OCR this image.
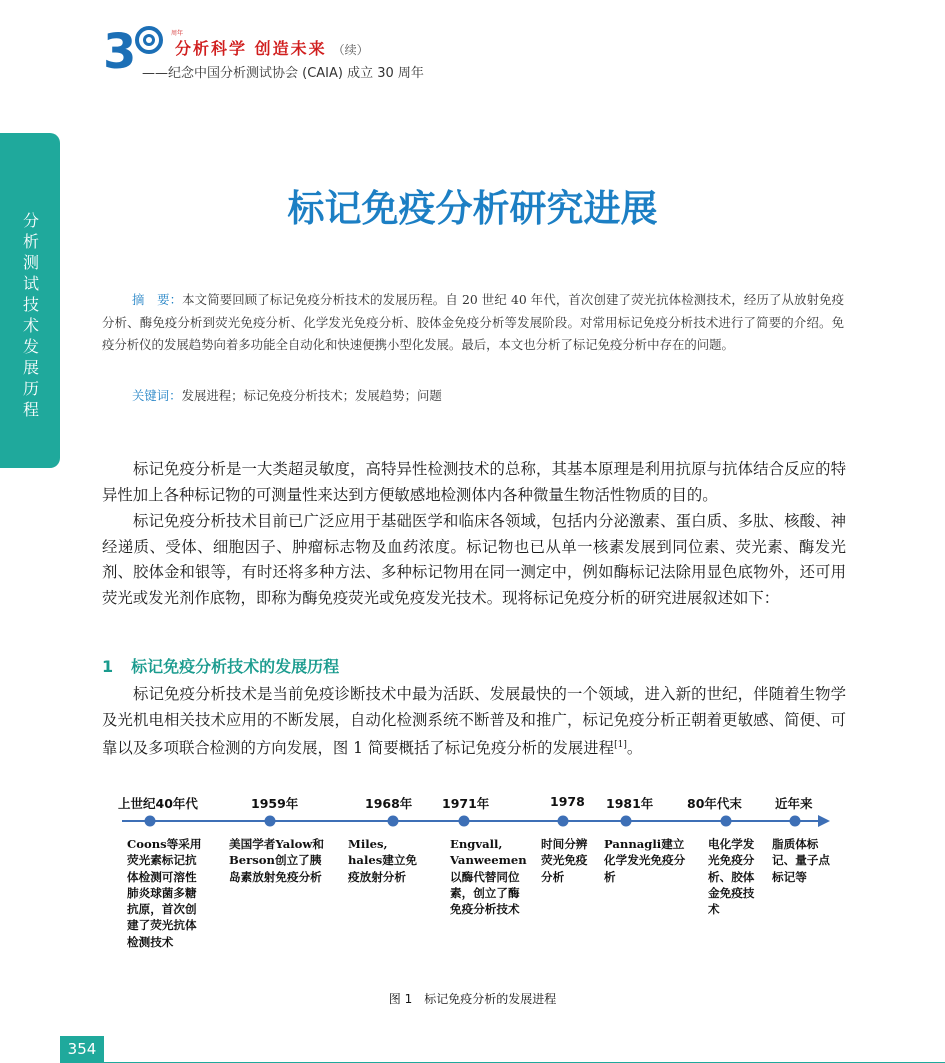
3	周年
分析科学 创造未来 （续）
——纪念中国分析测试协会 (CAIA) 成立 30 周年
分析测试技术发展历程
标记免疫分析研究进展

摘　要：本文简要回顾了标记免疫分析技术的发展历程。自 20 世纪 40 年代，首次创建了荧光抗体检测技术，经历了从放射免疫分析、酶免疫分析到荧光免疫分析、化学发光免疫分析、胶体金免疫分析等发展阶段。对常用标记免疫分析技术进行了简要的介绍。免疫分析仪的发展趋势向着多功能全自动化和快速便携小型化发展。最后，本文也分析了标记免疫分析中存在的问题。

关键词：发展进程；标记免疫分析技术；发展趋势；问题

标记免疫分析是一大类超灵敏度，高特异性检测技术的总称，其基本原理是利用抗原与抗体结合反应的特异性加上各种标记物的可测量性来达到方便敏感地检测体内各种微量生物活性物质的目的。

标记免疫分析技术目前已广泛应用于基础医学和临床各领域，包括内分泌激素、蛋白质、多肽、核酸、神经递质、受体、细胞因子、肿瘤标志物及血药浓度。标记物也已从单一核素发展到同位素、荧光素、酶发光剂、胶体金和银等，有时还将多种方法、多种标记物用在同一测定中，例如酶标记法除用显色底物外，还可用荧光或发光剂作底物，即称为酶免疫荧光或免疫发光技术。现将标记免疫分析的研究进展叙述如下：

1 标记免疫分析技术的发展历程

标记免疫分析技术是当前免疫诊断技术中最为活跃、发展最快的一个领域，进入新的世纪，伴随着生物学及光机电相关技术应用的不断发展，自动化检测系统不断普及和推广，标记免疫分析正朝着更敏感、简便、可靠以及多项联合检测的方向发展，图 1 简要概括了标记免疫分析的发展进程[1]。

上世纪40年代
Coons等采用荧光素标记抗体检测可溶性肺炎球菌多糖抗原，首次创建了荧光抗体检测技术
1959年
美国学者Yalow和Berson创立了胰岛素放射免疫分析
1968年
Miles, hales建立免疫放射分析
1971年
Engvall, Vanweemen以酶代替同位素，创立了酶免疫分析技术
1978
时间分辨荧光免疫分析
1981年
Pannagli建立化学发光免疫分析
80年代末
电化学发光免疫分析、胶体金免疫技术
近年来
脂质体标记、量子点标记等
图 1　标记免疫分析的发展进程
354
